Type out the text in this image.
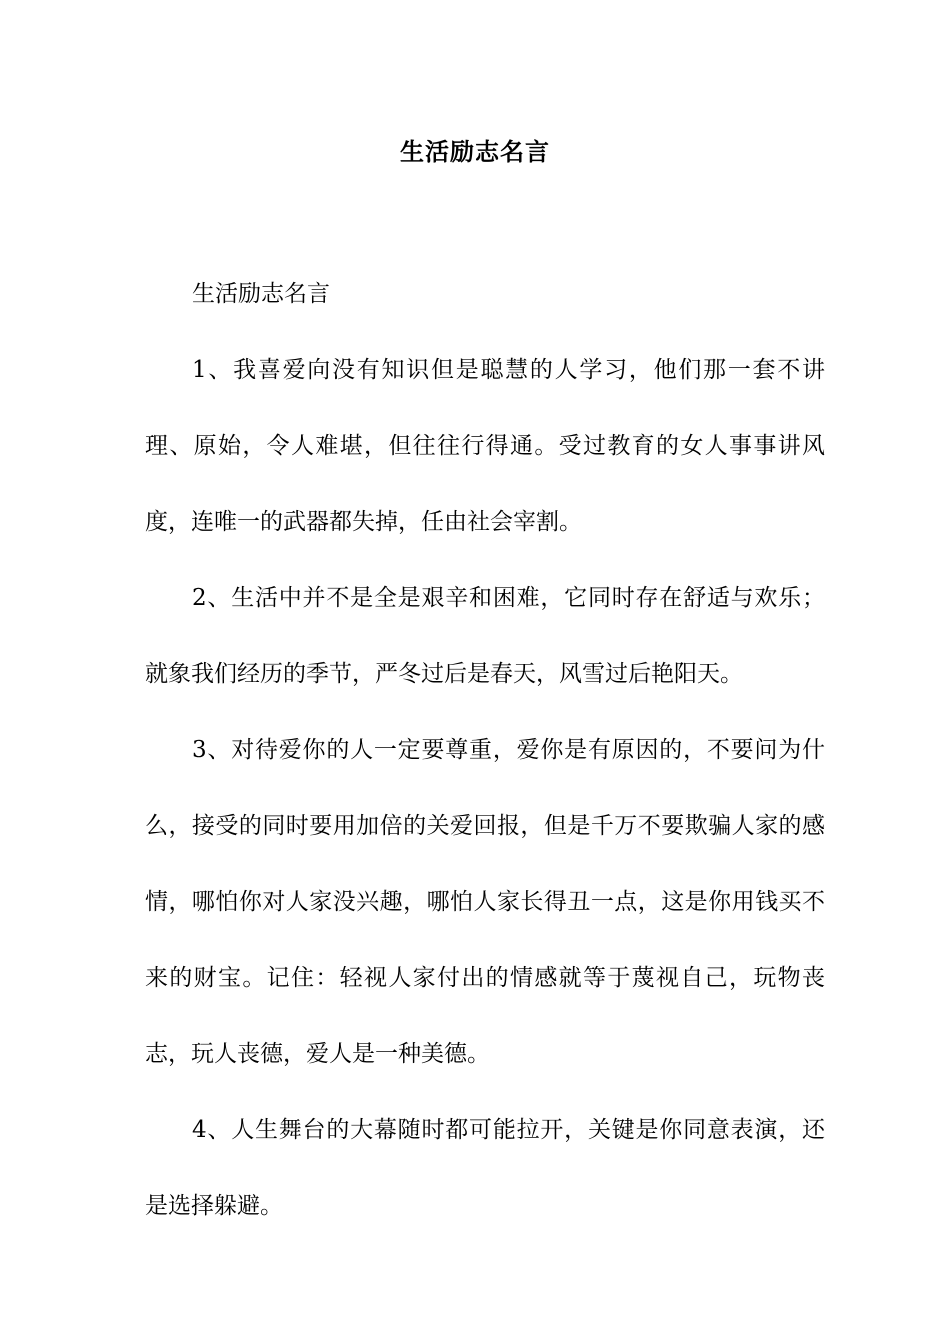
生活励志名言

生活励志名言

1、我喜爱向没有知识但是聪慧的人学习，他们那一套不讲理、原始，令人难堪，但往往行得通。受过教育的女人事事讲风度，连唯一的武器都失掉，任由社会宰割。

2、生活中并不是全是艰辛和困难，它同时存在舒适与欢乐；就象我们经历的季节，严冬过后是春天，风雪过后艳阳天。

3、对待爱你的人一定要尊重，爱你是有原因的，不要问为什么，接受的同时要用加倍的关爱回报，但是千万不要欺骗人家的感情，哪怕你对人家没兴趣，哪怕人家长得丑一点，这是你用钱买不来的财宝。记住：轻视人家付出的情感就等于蔑视自己，玩物丧志，玩人丧德，爱人是一种美德。

4、人生舞台的大幕随时都可能拉开，关键是你同意表演，还是选择躲避。
